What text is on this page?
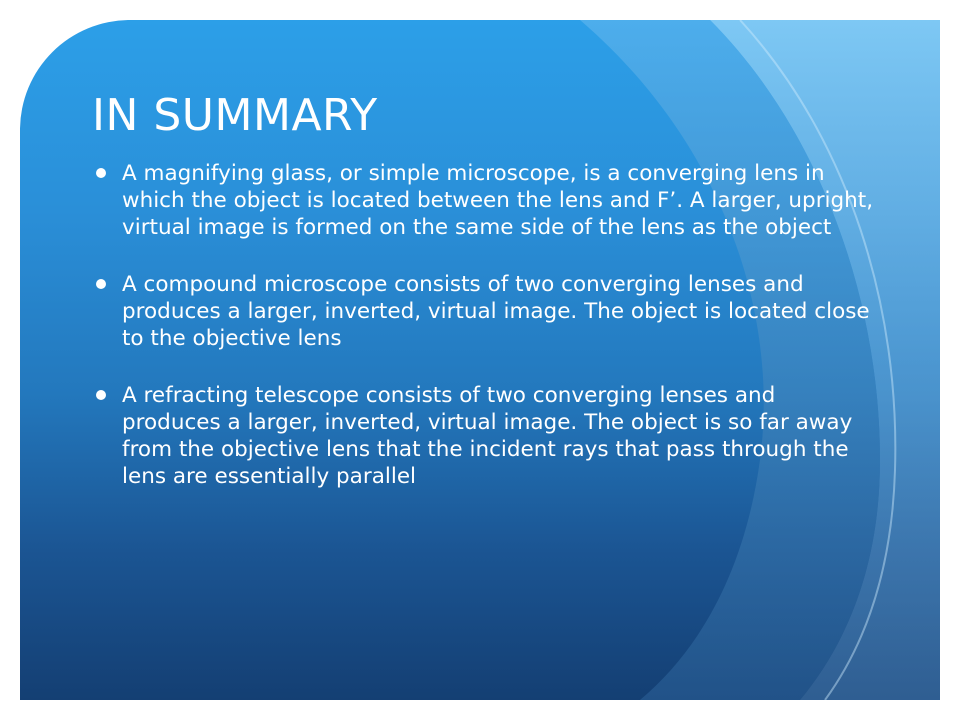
IN SUMMARY
A magnifying glass, or simple microscope, is a converging lens in which the object is located between the lens and F’. A larger, upright, virtual image is formed on the same side of the lens as the object
A compound microscope consists of two converging lenses and produces a larger, inverted, virtual image. The object is located close to the objective lens
A refracting telescope consists of two converging lenses and produces a larger, inverted, virtual image. The object is so far away from the objective lens that the incident rays that pass through the lens are essentially parallel
